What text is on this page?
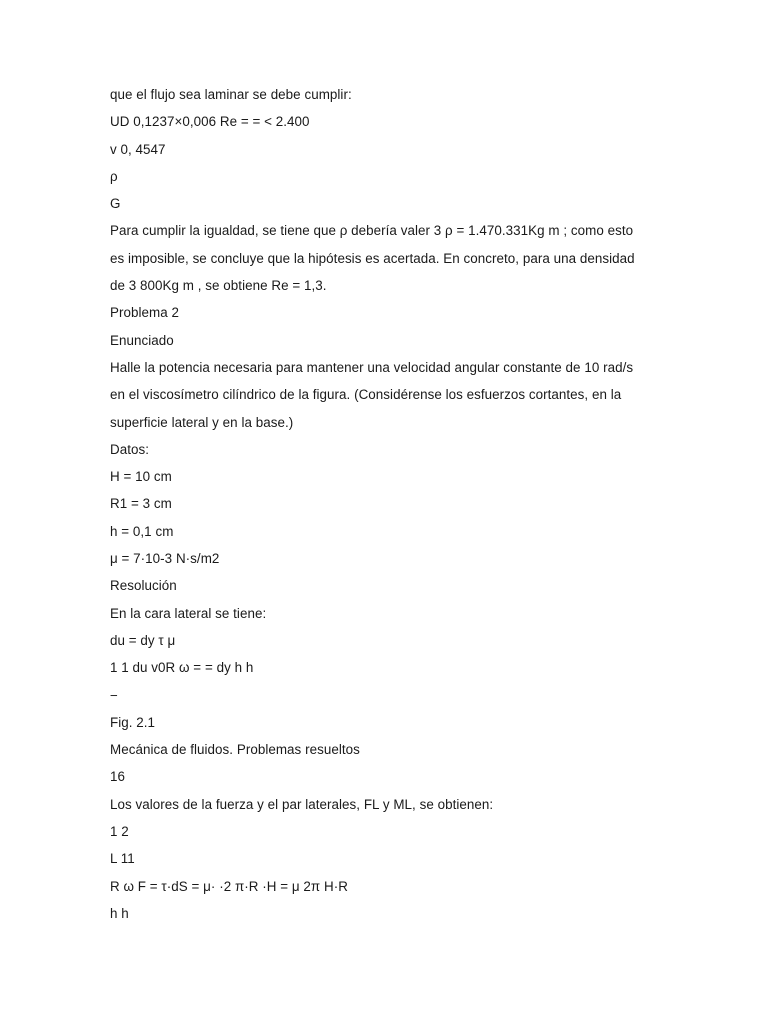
que el flujo sea laminar se debe cumplir:
UD 0,1237×0,006 Re = = < 2.400
v 0, 4547
ρ
G
Para cumplir la igualdad, se tiene que ρ debería valer 3 ρ = 1.470.331Kg m ; como esto
es imposible, se concluye que la hipótesis es acertada. En concreto, para una densidad
de 3 800Kg m , se obtiene Re = 1,3.
Problema 2
Enunciado
Halle la potencia necesaria para mantener una velocidad angular constante de 10 rad/s
en el viscosímetro cilíndrico de la figura. (Considérense los esfuerzos cortantes, en la
superficie lateral y en la base.)
Datos:
H = 10 cm
R1 = 3 cm
h = 0,1 cm
μ = 7·10-3 N·s/m2
Resolución
En la cara lateral se tiene:
du = dy τ μ
1 1 du v0R ω = = dy h h
−
Fig. 2.1
Mecánica de fluidos. Problemas resueltos
16
Los valores de la fuerza y el par laterales, FL y ML, se obtienen:
1 2
L 11
R ω F = τ·dS = μ· ·2 π·R ·H = μ 2π H·R
h h
